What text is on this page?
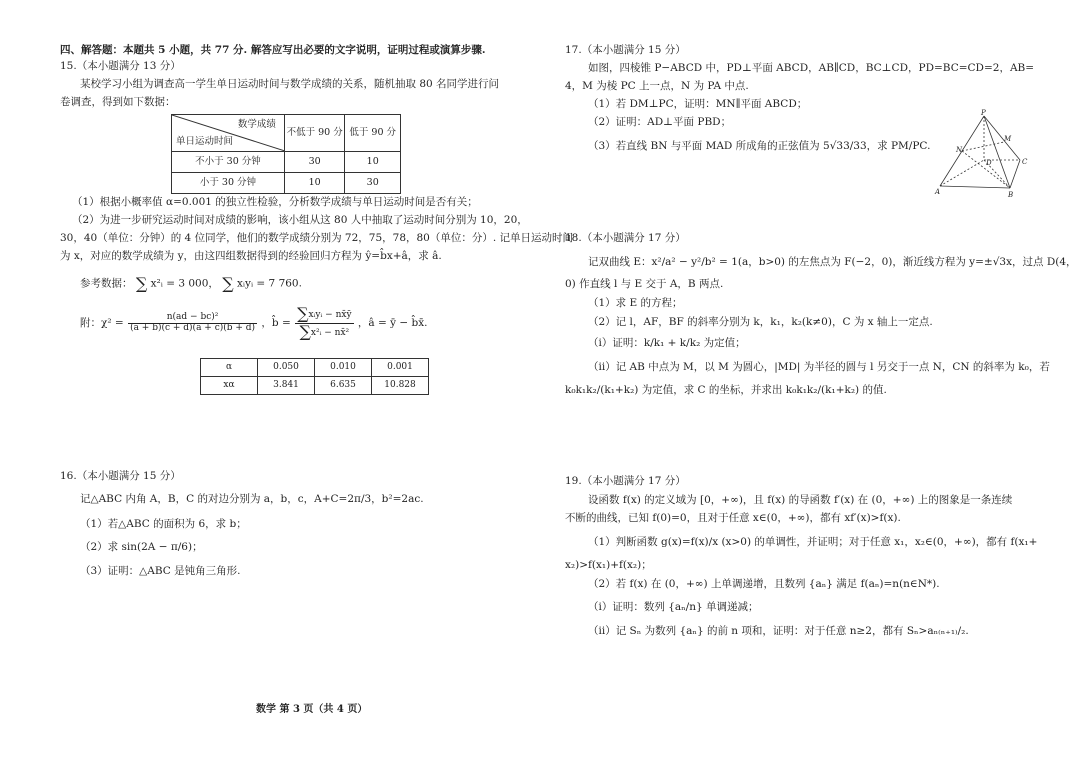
四、解答题：本题共 5 小题，共 77 分. 解答应写出必要的文字说明，证明过程或演算步骤.
15.（本小题满分 13 分）
某校学习小组为调查高一学生单日运动时间与数学成绩的关系，随机抽取 80 名同学进行问
卷调查，得到如下数据：
数学成绩
单日运动时间	不低于 90 分	低于 90 分
不小于 30 分钟	30	10
小于 30 分钟	10	30
（1）根据小概率值 α=0.001 的独立性检验，分析数学成绩与单日运动时间是否有关；
（2）为进一步研究运动时间对成绩的影响，该小组从这 80 人中抽取了运动时间分别为 10，20，
30，40（单位：分钟）的 4 位同学，他们的数学成绩分别为 72，75，78，80（单位：分）. 记单日运动时间
为 x，对应的数学成绩为 y，由这四组数据得到的经验回归方程为 ŷ=b̂x+â，求 â.
参考数据： ∑ x²ᵢ = 3 000， ∑ xᵢyᵢ = 7 760.
附：$\chi^2 = \frac{\text{n(ad − bc)²}}{(a + b)(c + d)(a + c)(b + d)}$ ，b̂ = $\frac{\text{∑xᵢyᵢ − nx̄ȳ}}{\text{∑x²ᵢ − nx̄²}}$ ，â = ȳ − b̂x̄.
α	0.050	0.010	0.001
xα	3.841	6.635	10.828
16.（本小题满分 15 分）
记△ABC 内角 A，B，C 的对边分别为 a，b，c，A+C=2π/3，b²=2ac.
（1）若△ABC 的面积为 6，求 b；
（2）求 sin(2A − π/6)；
（3）证明：△ABC 是钝角三角形.
数学 第 3 页（共 4 页）
17.（本小题满分 15 分）
如图，四棱锥 P−ABCD 中，PD⊥平面 ABCD，AB∥CD，BC⊥CD，PD=BC=CD=2，AB=
4，M 为棱 PC 上一点，N 为 PA 中点.
（1）若 DM⊥PC，证明：MN∥平面 ABCD；
（2）证明：AD⊥平面 PBD；
（3）若直线 BN 与平面 MAD 所成角的正弦值为 5√33/33，求 PM/PC.
P
M
N
D	C
A	B
18.（本小题满分 17 分）
记双曲线 E：x²/a² − y²/b² = 1(a，b>0) 的左焦点为 F(−2，0)，渐近线方程为 y=±√3x，过点 D(4，
0) 作直线 l 与 E 交于 A，B 两点.
（1）求 E 的方程；
（2）记 l，AF，BF 的斜率分别为 k，k₁，k₂(k≠0)，C 为 x 轴上一定点.
（ⅰ）证明：k/k₁ + k/k₂ 为定值；
（ⅱ）记 AB 中点为 M，以 M 为圆心，|MD| 为半径的圆与 l 另交于一点 N，CN 的斜率为 k₀，若
k₀k₁k₂/(k₁+k₂) 为定值，求 C 的坐标，并求出 k₀k₁k₂/(k₁+k₂) 的值.
19.（本小题满分 17 分）
设函数 f(x) 的定义域为 [0，+∞)，且 f(x) 的导函数 f′(x) 在 (0，+∞) 上的图象是一条连续
不断的曲线，已知 f(0)=0，且对于任意 x∈(0，+∞)，都有 xf′(x)>f(x).
（1）判断函数 g(x)=f(x)/x (x>0) 的单调性，并证明；对于任意 x₁，x₂∈(0，+∞)，都有 f(x₁+
x₂)>f(x₁)+f(x₂)；
（2）若 f(x) 在 (0，+∞) 上单调递增，且数列 {aₙ} 满足 f(aₙ)=n(n∈N*).
（ⅰ）证明：数列 {aₙ/n} 单调递减；
（ⅱ）记 Sₙ 为数列 {aₙ} 的前 n 项和，证明：对于任意 n≥2，都有 Sₙ>aₙ₍ₙ₊₁₎/₂.
